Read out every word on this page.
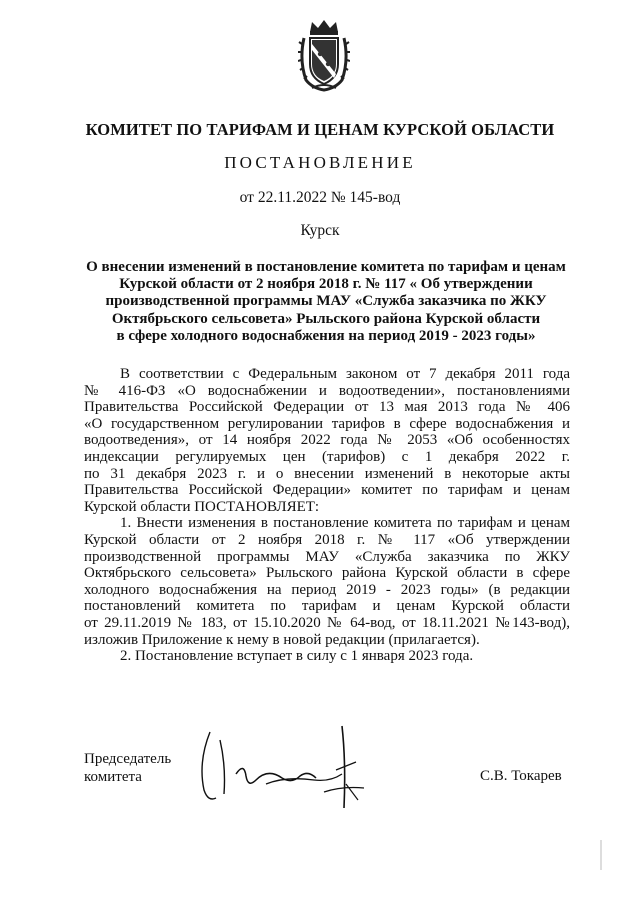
КОМИТЕТ ПО ТАРИФАМ И ЦЕНАМ КУРСКОЙ ОБЛАСТИ
ПОСТАНОВЛЕНИЕ
от 22.11.2022 № 145-вод
Курск
О внесении изменений в постановление комитета по тарифам и ценам
Курской области от 2 ноября 2018 г. № 117 « Об утверждении
производственной программы МАУ «Служба заказчика по ЖКУ
Октябрьского сельсовета» Рыльского района Курской области
в сфере холодного водоснабжения на период 2019 - 2023 годы»
В соответствии с Федеральным законом от 7 декабря 2011 года
№ 416-ФЗ «О водоснабжении и водоотведении», постановлениями
Правительства Российской Федерации от 13 мая 2013 года № 406
«О государственном регулировании тарифов в сфере водоснабжения и
водоотведения», от 14 ноября 2022 года № 2053 «Об особенностях
индексации регулируемых цен (тарифов) с 1 декабря 2022 г.
по 31 декабря 2023 г. и о внесении изменений в некоторые акты
Правительства Российской Федерации» комитет по тарифам и ценам
Курской области ПОСТАНОВЛЯЕТ:
1. Внести изменения в постановление комитета по тарифам и ценам
Курской области от 2 ноября 2018 г. № 117 «Об утверждении
производственной программы МАУ «Служба заказчика по ЖКУ
Октябрьского сельсовета» Рыльского района Курской области в сфере
холодного водоснабжения на период 2019 - 2023 годы» (в редакции
постановлений комитета по тарифам и ценам Курской области
от 29.11.2019 № 183, от 15.10.2020 № 64-вод, от 18.11.2021 №143-вод),
изложив Приложение к нему в новой редакции (прилагается).
2. Постановление вступает в силу с 1 января 2023 года.
Председатель
комитета	С.В. Токарев
